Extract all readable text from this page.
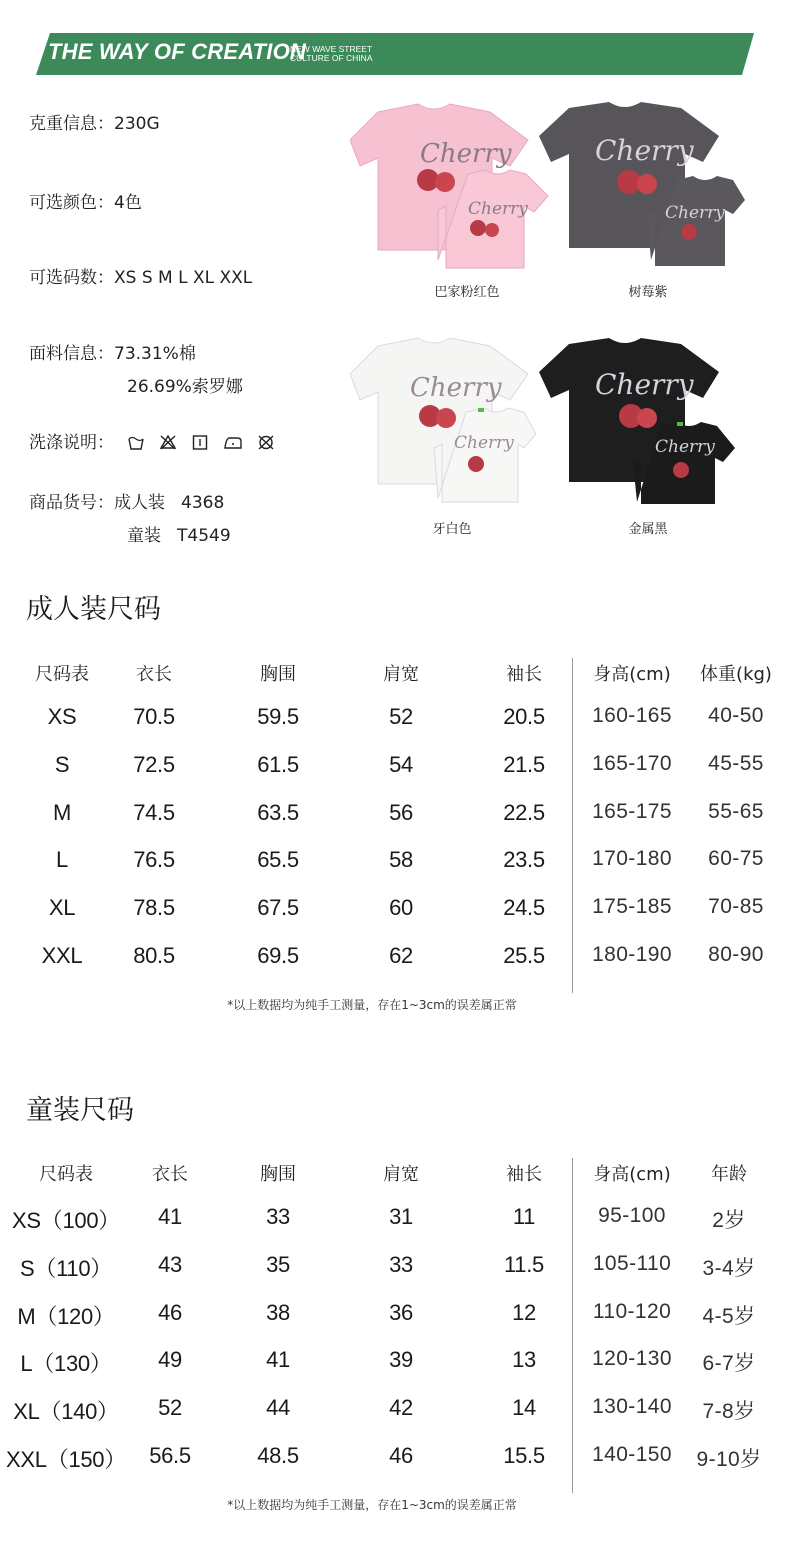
THE WAY OF CREATION
NEW WAVE STREET
CULTURE OF CHINA
克重信息：230G
可选颜色：4色
可选码数：XS S M L XL XXL
面料信息：73.31%棉
26.69%索罗娜
洗涤说明：
商品货号：成人装 4368
童装 T4549
Cherry
Cherry
巴家粉红色
Cherry
Cherry
树莓紫
Cherry
Cherry
牙白色
Cherry
Cherry
金属黑
成人装尺码
尺码表	衣长	胸围	肩宽	袖长	身高(cm) 体重(kg)
XS	70.5	59.5	52	20.5 160-165 40-50
S	72.5	61.5	54	21.5 165-170 45-55
M	74.5	63.5	56	22.5 165-175 55-65
L	76.5	65.5	58	23.5 170-180 60-75
XL	78.5	67.5	60	24.5 175-185 70-85
XXL 80.5	69.5	62	25.5 180-190 80-90
*以上数据均为纯手工测量，存在1~3cm的误差属正常
童装尺码
尺码表	衣长	胸围	肩宽	袖长	身高(cm) 年龄
XS（100） 41	33	31	11	95-100 2岁
S（110） 43	35	33	11.5 105-110 3-4岁
M（120） 46	38	36	12	110-120 4-5岁
L（130） 49	41	39	13	120-130 6-7岁
XL（140） 52	44	42	14	130-140 7-8岁
XXL（150） 56.5	48.5	46	15.5 140-150 9-10岁
*以上数据均为纯手工测量，存在1~3cm的误差属正常
